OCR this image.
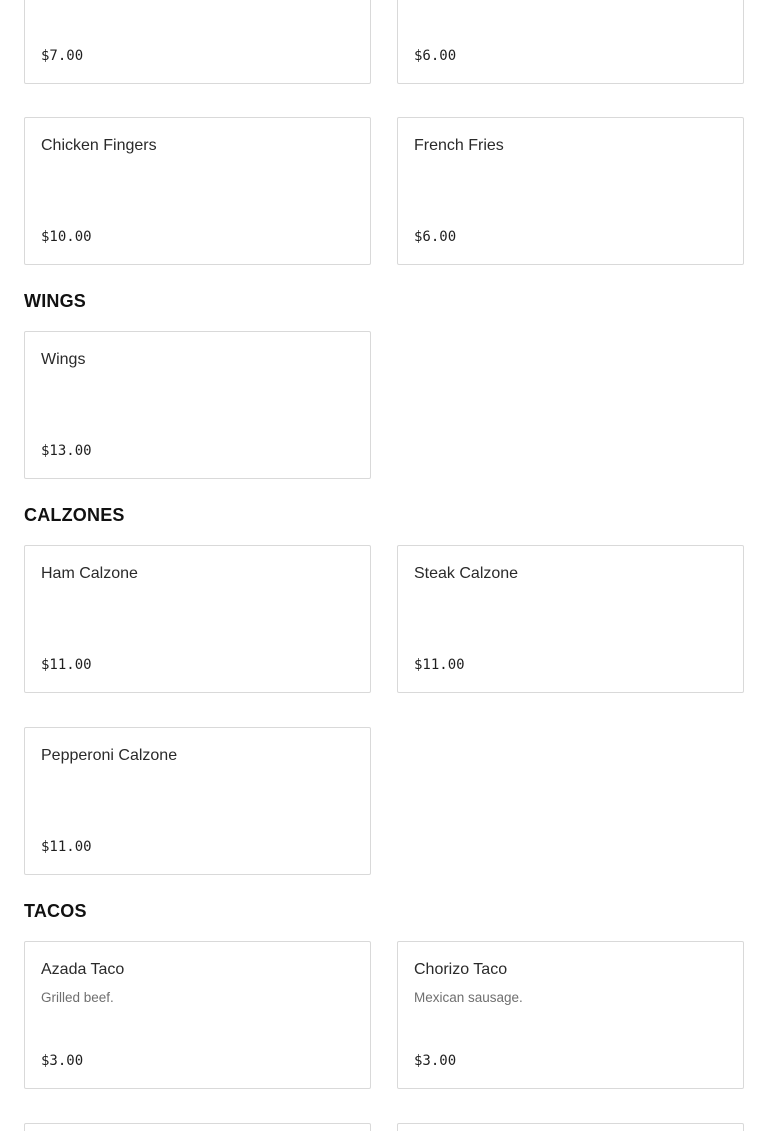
$7.00	$6.00
Chicken Fingers
$10.00
French Fries
$6.00
WINGS
Wings
$13.00
CALZONES
Ham Calzone
$11.00
Steak Calzone
$11.00
Pepperoni Calzone
$11.00
TACOS
Azada Taco
Grilled beef.
$3.00
Chorizo Taco
Mexican sausage.
$3.00
